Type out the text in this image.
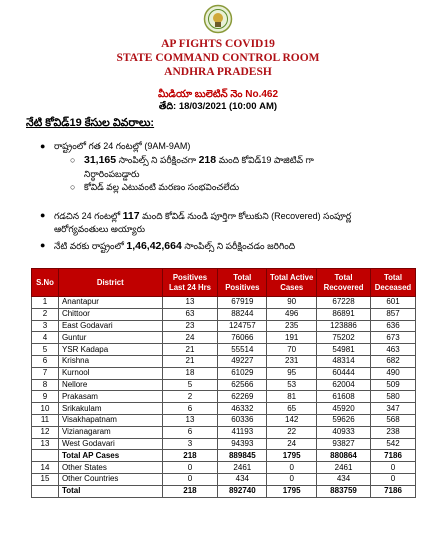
AP FIGHTS COVID19
STATE COMMAND CONTROL ROOM
ANDHRA PRADESH
మీడియా బులెటిన్ నెం No.462
తేది: 18/03/2021 (10:00 AM)
నేటి కోవిడ్19 కేసుల వివరాలు:
● రాష్ట్రంలో గత 24 గంటల్లో (9AM-9AM)
○ 31,165 సాంపిల్స్ ని పరీక్షించగా 218 మంది కోవిడ్19 పాజిటివ్ గా
నిర్ధారింపబడ్డారు
○ కోవిడ్ వల్ల ఎటువంటి మరణం సంభవించలేదు
● గడచిన 24 గంటల్లో 117 మంది కోవిడ్ నుండి పూర్తిగా కోలుకుని (Recovered) సంపూర్ణ
ఆరోగ్యవంతులు అయ్యారు
● నేటి వరకు రాష్ట్రంలో 1,46,42,664 సాంపిల్స్ ని పరీక్షించడం జరిగింది
S.No	District	Positives Last 24 Hrs	Total Positives	Total Active Cases	Total Recovered	Total Deceased
1	Anantapur	13	67919	90	67228	601
2	Chittoor	63	88244	496	86891	857
3	East Godavari	23	124757	235	123886	636
4	Guntur	24	76066	191	75202	673
5	YSR Kadapa	21	55514	70	54981	463
6	Krishna	21	49227	231	48314	682
7	Kurnool	18	61029	95	60444	490
8	Nellore	5	62566	53	62004	509
9	Prakasam	2	62269	81	61608	580
10	Srikakulam	6	46332	65	45920	347
11	Visakhapatnam	13	60336	142	59626	568
12	Vizianagaram	6	41193	22	40933	238
13	West Godavari	3	94393	24	93827	542
	Total AP Cases	218	889845	1795	880864	7186
14	Other States	0	2461	0	2461	0
15	Other Countries	0	434	0	434	0
	Total	218	892740	1795	883759	7186
